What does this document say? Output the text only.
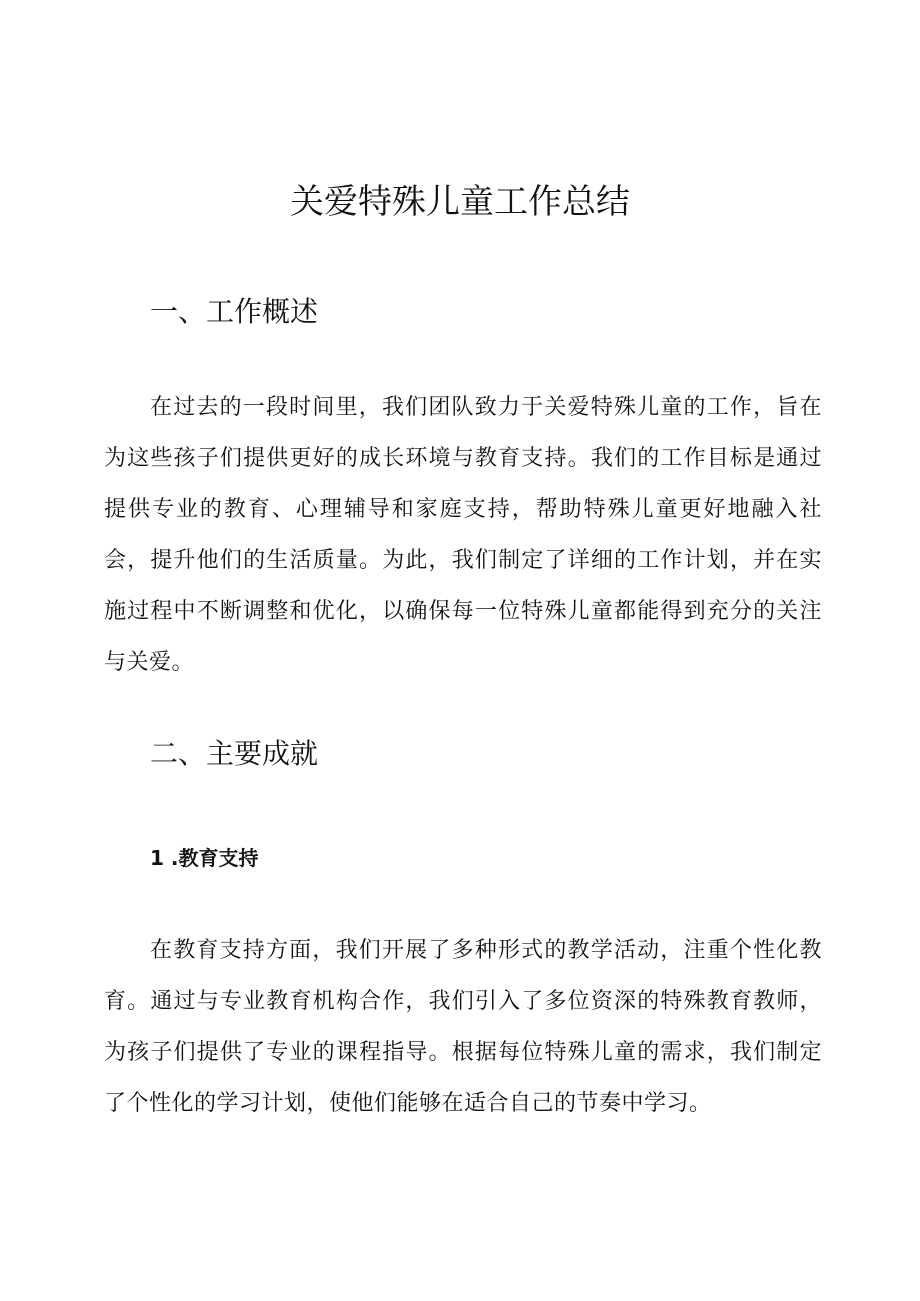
关爱特殊儿童工作总结
一、工作概述

在过去的一段时间里，我们团队致力于关爱特殊儿童的工作，旨在为这些孩子们提供更好的成长环境与教育支持。我们的工作目标是通过提供专业的教育、心理辅导和家庭支持，帮助特殊儿童更好地融入社会，提升他们的生活质量。为此，我们制定了详细的工作计划，并在实施过程中不断调整和优化，以确保每一位特殊儿童都能得到充分的关注与关爱。

二、主要成就
1 .教育支持

在教育支持方面，我们开展了多种形式的教学活动，注重个性化教育。通过与专业教育机构合作，我们引入了多位资深的特殊教育教师，为孩子们提供了专业的课程指导。根据每位特殊儿童的需求，我们制定了个性化的学习计划，使他们能够在适合自己的节奏中学习。
